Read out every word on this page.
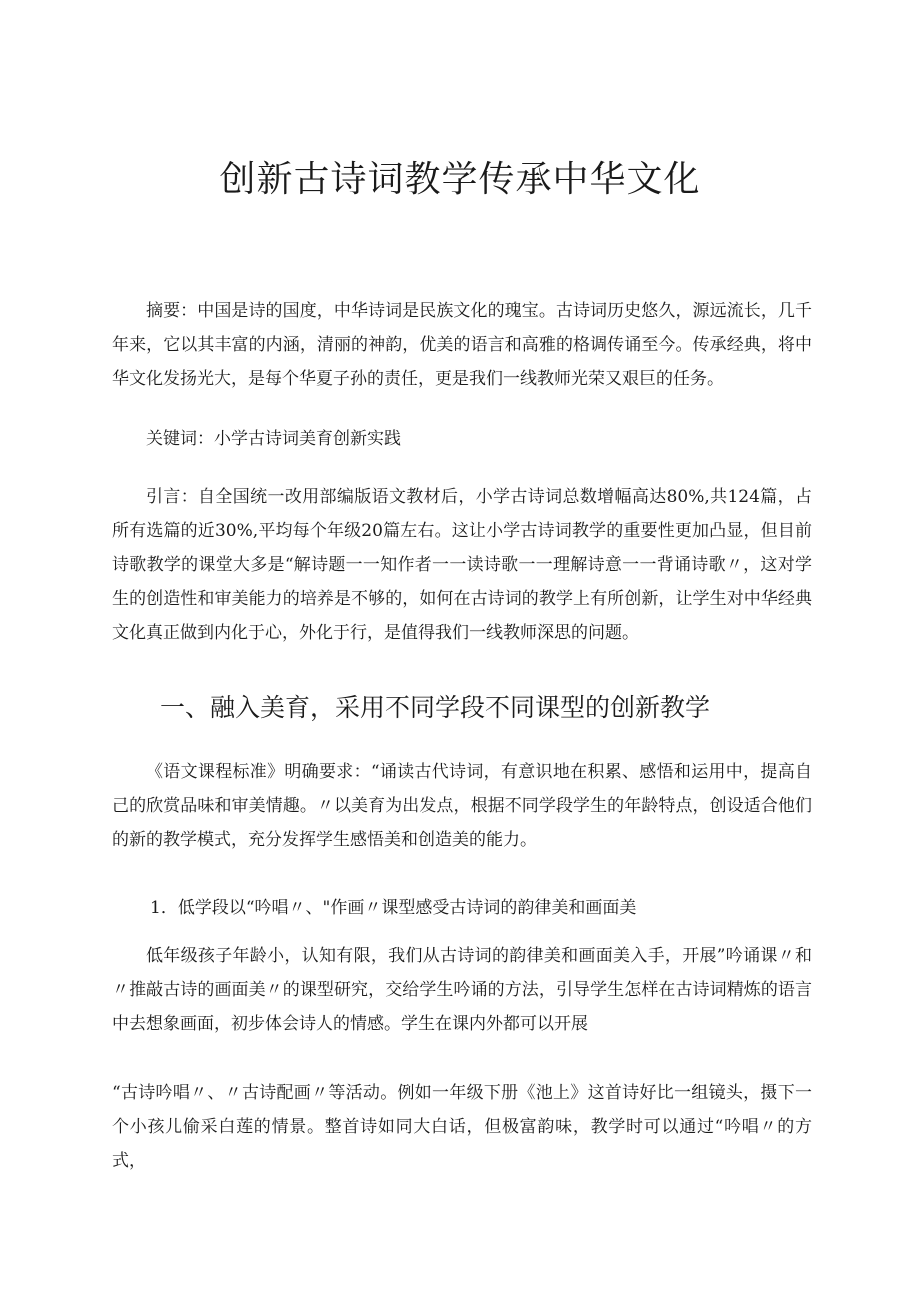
创新古诗词教学传承中华文化

摘要：中国是诗的国度，中华诗词是民族文化的瑰宝。古诗词历史悠久，源远流长，几千年来，它以其丰富的内涵，清丽的神韵，优美的语言和高雅的格调传诵至今。传承经典，将中华文化发扬光大，是每个华夏子孙的责任，更是我们一线教师光荣又艰巨的任务。

关键词：小学古诗词美育创新实践

引言：自全国统一改用部编版语文教材后，小学古诗词总数增幅高达80%,共124篇，占所有选篇的近30%,平均每个年级20篇左右。这让小学古诗词教学的重要性更加凸显，但目前诗歌教学的课堂大多是“解诗题一一知作者一一读诗歌一一理解诗意一一背诵诗歌〃，这对学生的创造性和审美能力的培养是不够的，如何在古诗词的教学上有所创新，让学生对中华经典文化真正做到内化于心，外化于行，是值得我们一线教师深思的问题。

一、融入美育，采用不同学段不同课型的创新教学

《语文课程标准》明确要求：“诵读古代诗词，有意识地在积累、感悟和运用中，提高自己的欣赏品味和审美情趣。〃以美育为出发点，根据不同学段学生的年龄特点，创设适合他们的新的教学模式，充分发挥学生感悟美和创造美的能力。

1．低学段以“吟唱〃、"作画〃课型感受古诗词的韵律美和画面美

低年级孩子年龄小，认知有限，我们从古诗词的韵律美和画面美入手，开展”吟诵课〃和〃推敲古诗的画面美〃的课型研究，交给学生吟诵的方法，引导学生怎样在古诗词精炼的语言中去想象画面，初步体会诗人的情感。学生在课内外都可以开展

“古诗吟唱〃、〃古诗配画〃等活动。例如一年级下册《池上》这首诗好比一组镜头，摄下一个小孩儿偷采白莲的情景。整首诗如同大白话，但极富韵味，教学时可以通过“吟唱〃的方式，
